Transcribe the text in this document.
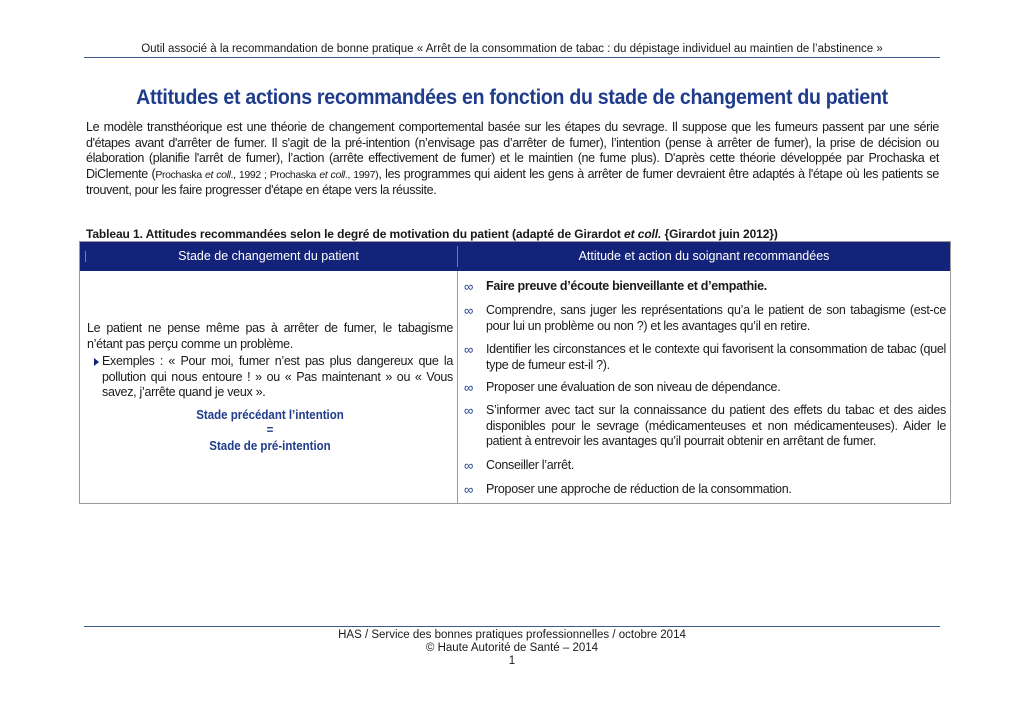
Outil associé à la recommandation de bonne pratique « Arrêt de la consommation de tabac : du dépistage individuel au maintien de l’abstinence »
Attitudes et actions recommandées en fonction du stade de changement du patient

Le modèle transthéorique est une théorie de changement comportemental basée sur les étapes du sevrage. Il suppose que les fumeurs passent par une série d'étapes avant d'arrêter de fumer. Il s'agit de la pré-intention (n’envisage pas d’arrêter de fumer), l’intention (pense à arrêter de fumer), la prise de décision ou élaboration (planifie l'arrêt de fumer), l’action (arrête effectivement de fumer) et le maintien (ne fume plus). D'après cette théorie développée par Prochaska et DiClemente (Prochaska et coll., 1992 ; Prochaska et coll., 1997), les programmes qui aident les gens à arrêter de fumer devraient être adaptés à l'étape où les patients se trouvent, pour les faire progresser d'étape en étape vers la réussite.

Tableau 1. Attitudes recommandées selon le degré de motivation du patient (adapté de Girardot et coll. {Girardot juin 2012})
Stade de changement du patient	Attitude et action du soignant recommandées
Le patient ne pense même pas à arrêter de fumer, le tabagisme n’étant pas perçu comme un problème.
Exemples : « Pour moi, fumer n’est pas plus dangereux que la pollution qui nous entoure ! » ou « Pas maintenant » ou « Vous savez, j’arrête quand je veux ».
Stade précédant l’intention
=
Stade de pré-intention
∞	Faire preuve d’écoute bienveillante et d’empathie.
∞	Comprendre, sans juger les représentations qu’a le patient de son tabagisme (est-ce pour lui un problème ou non ?) et les avantages qu’il en retire.
∞	Identifier les circonstances et le contexte qui favorisent la consommation de tabac (quel type de fumeur est-il ?).
∞	Proposer une évaluation de son niveau de dépendance.
∞	S’informer avec tact sur la connaissance du patient des effets du tabac et des aides disponibles pour le sevrage (médicamenteuses et non médicamenteuses). Aider le patient à entrevoir les avantages qu’il pourrait obtenir en arrêtant de fumer.
∞	Conseiller l’arrêt.
∞	Proposer une approche de réduction de la consommation.
HAS / Service des bonnes pratiques professionnelles / octobre 2014
© Haute Autorité de Santé – 2014
1
